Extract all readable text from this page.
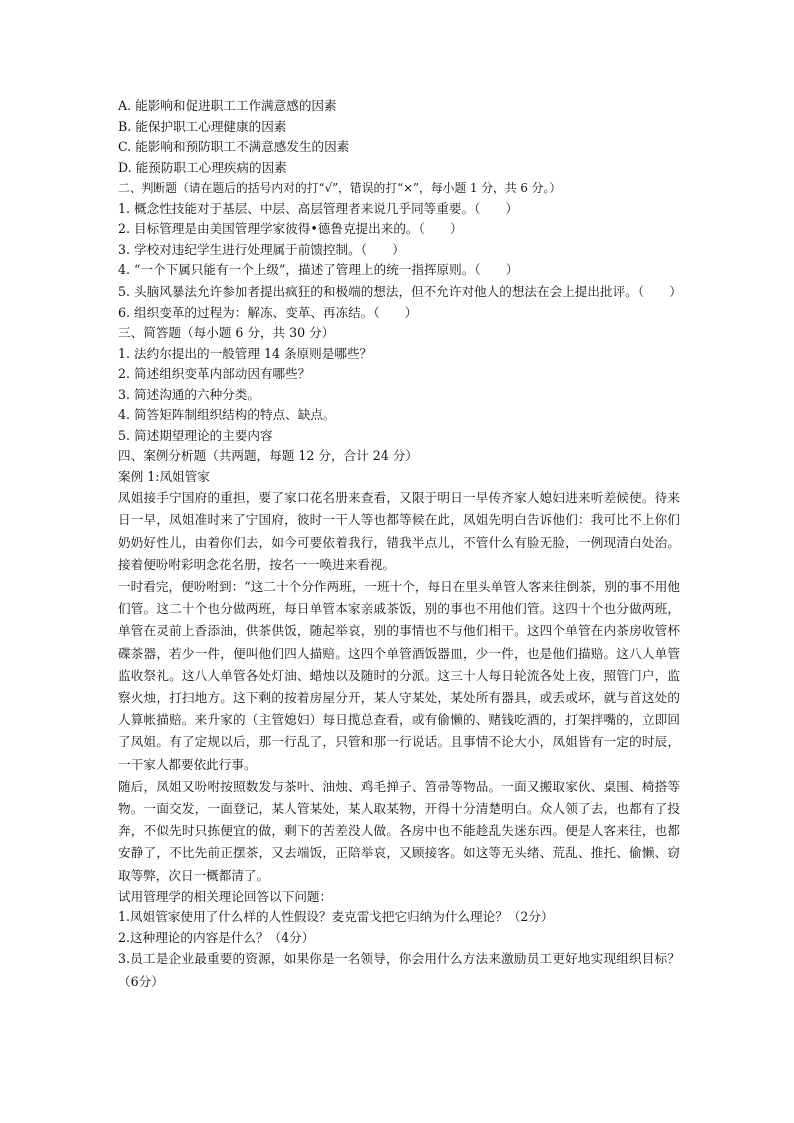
A. 能影响和促进职工工作满意感的因素

B. 能保护职工心理健康的因素

C. 能影响和预防职工不满意感发生的因素

D. 能预防职工心理疾病的因素

二、判断题（请在题后的括号内对的打“√”，错误的打“×”，每小题 1 分，共 6 分。）

1. 概念性技能对于基层、中层、高层管理者来说几乎同等重要。（　　）

2. 目标管理是由美国管理学家彼得•德鲁克提出来的。（　　）

3. 学校对违纪学生进行处理属于前馈控制。（　　）

4. “一个下属只能有一个上级”，描述了管理上的统一指挥原则。（　　）

5. 头脑风暴法允许参加者提出疯狂的和极端的想法，但不允许对他人的想法在会上提出批评。（　　）

6. 组织变革的过程为：解冻、变革、再冻结。（　　）

三、简答题（每小题 6 分，共 30 分）

1. 法约尔提出的一般管理 14 条原则是哪些？

2. 简述组织变革内部动因有哪些？

3. 简述沟通的六种分类。

4. 简答矩阵制组织结构的特点、缺点。

5. 简述期望理论的主要内容

四、案例分析题（共两题，每题 12 分，合计 24 分）

案例 1:凤姐管家

凤姐接手宁国府的重担，要了家口花名册来查看，又限于明日一早传齐家人媳妇进来听差候使。待来日一早，凤姐准时来了宁国府，彼时一干人等也都等候在此，凤姐先明白告诉他们：我可比不上你们奶奶好性儿，由着你们去，如今可要依着我行，错我半点儿，不管什么有脸无脸，一例现清白处治。接着便吩咐彩明念花名册，按名一一唤进来看视。

一时看完，便吩咐到：“这二十个分作两班，一班十个，每日在里头单管人客来往倒茶，别的事不用他们管。这二十个也分做两班，每日单管本家亲戚茶饭，别的事也不用他们管。这四十个也分做两班，单管在灵前上香添油，供茶供饭，随起举哀，别的事情也不与他们相干。这四个单管在内茶房收管杯碟茶器，若少一件，便叫他们四人描赔。这四个单管酒饭器皿，少一件，也是他们描赔。这八人单管监收祭礼。这八人单管各处灯油、蜡烛以及随时的分派。这三十人每日轮流各处上夜，照管门户，监察火烛，打扫地方。这下剩的按着房屋分开，某人守某处，某处所有器具，或丢或坏，就与首这处的人算帐描赔。来升家的（主管媳妇）每日揽总查看，或有偷懒的、赌钱吃酒的，打架拌嘴的，立即回了凤姐。有了定规以后，那一行乱了，只管和那一行说话。且事情不论大小，凤姐皆有一定的时辰，一干家人都要依此行事。

随后，凤姐又吩咐按照数发与茶叶、油烛、鸡毛掸子、笤帚等物品。一面又搬取家伙、桌围、椅搭等物。一面交发，一面登记，某人管某处，某人取某物，开得十分清楚明白。众人领了去，也都有了投奔，不似先时只拣便宜的做，剩下的苦差没人做。各房中也不能趁乱失迷东西。便是人客来往，也都安静了，不比先前正摆茶，又去端饭，正陪举哀，又顾接客。如这等无头绪、荒乱、推托、偷懒、窃取等弊，次日一概都清了。

试用管理学的相关理论回答以下问题：

1.凤姐管家使用了什么样的人性假设？麦克雷戈把它归纳为什么理论？（2分）

2.这种理论的内容是什么？（4分）

3.员工是企业最重要的资源，如果你是一名领导，你会用什么方法来激励员工更好地实现组织目标？（6分）
